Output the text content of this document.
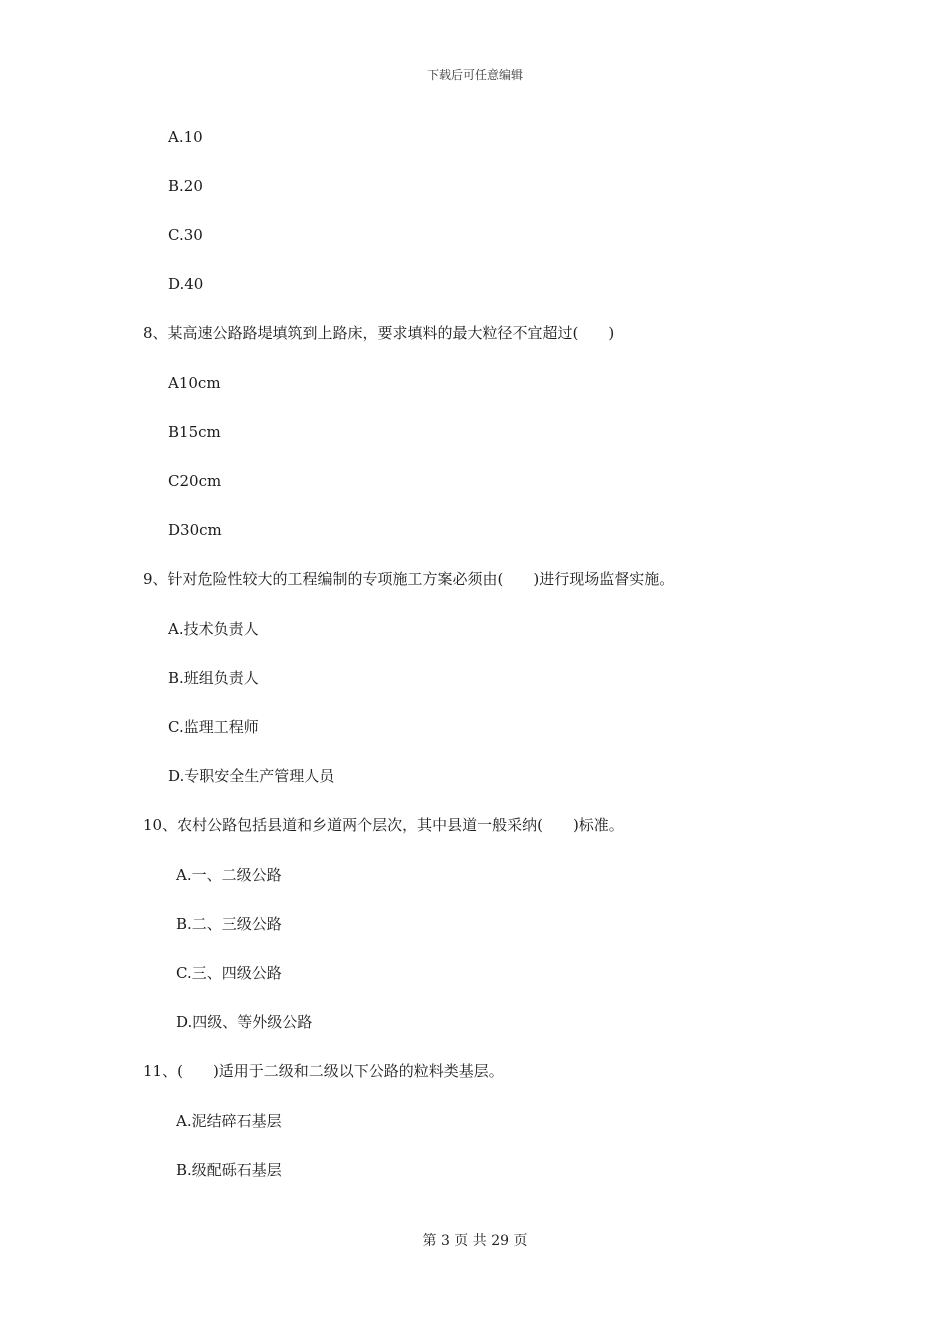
下载后可任意编辑
A.10
B.20
C.30
D.40
8、某高速公路路堤填筑到上路床，要求填料的最大粒径不宜超过(　　)
A10cm
B15cm
C20cm
D30cm
9、针对危险性较大的工程编制的专项施工方案必须由(　　)进行现场监督实施。
A.技术负责人
B.班组负责人
C.监理工程师
D.专职安全生产管理人员
10、农村公路包括县道和乡道两个层次，其中县道一般采纳(　　)标准。
A.一、二级公路
B.二、三级公路
C.三、四级公路
D.四级、等外级公路
11、(　　)适用于二级和二级以下公路的粒料类基层。
A.泥结碎石基层
B.级配砾石基层
第 3 页 共 29 页
